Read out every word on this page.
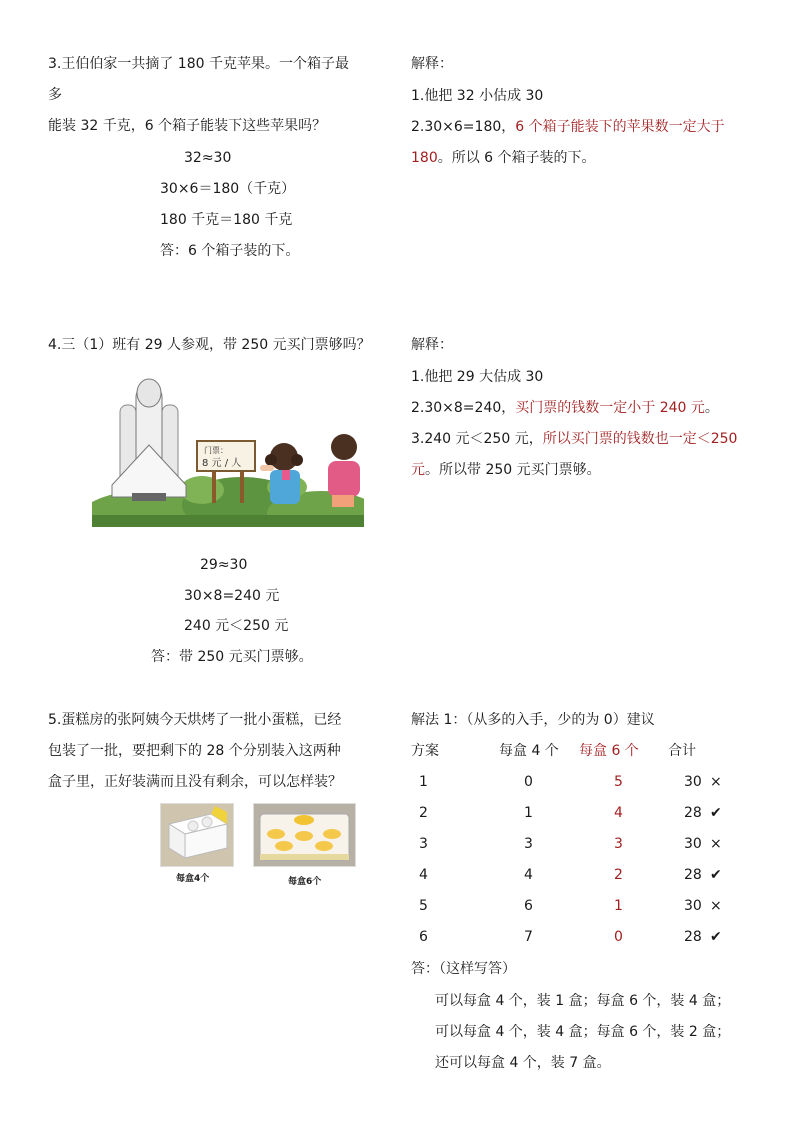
3.王伯伯家一共摘了 180 千克苹果。一个箱子最
多
能装 32 千克，6 个箱子能装下这些苹果吗？
32≈30
30×6＝180（千克）
180 千克＝180 千克
答：6 个箱子装的下。
解释：
1.他把 32 小估成 30
2.30×6=180，6 个箱子能装下的苹果数一定大于
180。所以 6 个箱子装的下。
4.三（1）班有 29 人参观，带 250 元买门票够吗？
门票：
8 元 / 人
29≈30
30×8=240 元
240 元＜250 元
答：带 250 元买门票够。
解释：
1.他把 29 大估成 30
2.30×8=240，买门票的钱数一定小于 240 元。
3.240 元＜250 元，所以买门票的钱数也一定＜250
元。所以带 250 元买门票够。
5.蛋糕房的张阿姨今天烘烤了一批小蛋糕，已经
包装了一批，要把剩下的 28 个分别装入这两种
盒子里，正好装满而且没有剩余，可以怎样装？
每盒4个	每盒6个
解法 1：（从多的入手，少的为 0）建议
方案	每盒 4 个 每盒 6 个 合计
1	0	5	30	×
2	1	4	28	✔
3	3	3	30	×
4	4	2	28	✔
5	6	1	30	×
6	7	0	28	✔
答：（这样写答）
可以每盒 4 个，装 1 盒；每盒 6 个，装 4 盒；
可以每盒 4 个，装 4 盒；每盒 6 个，装 2 盒；
还可以每盒 4 个，装 7 盒。
